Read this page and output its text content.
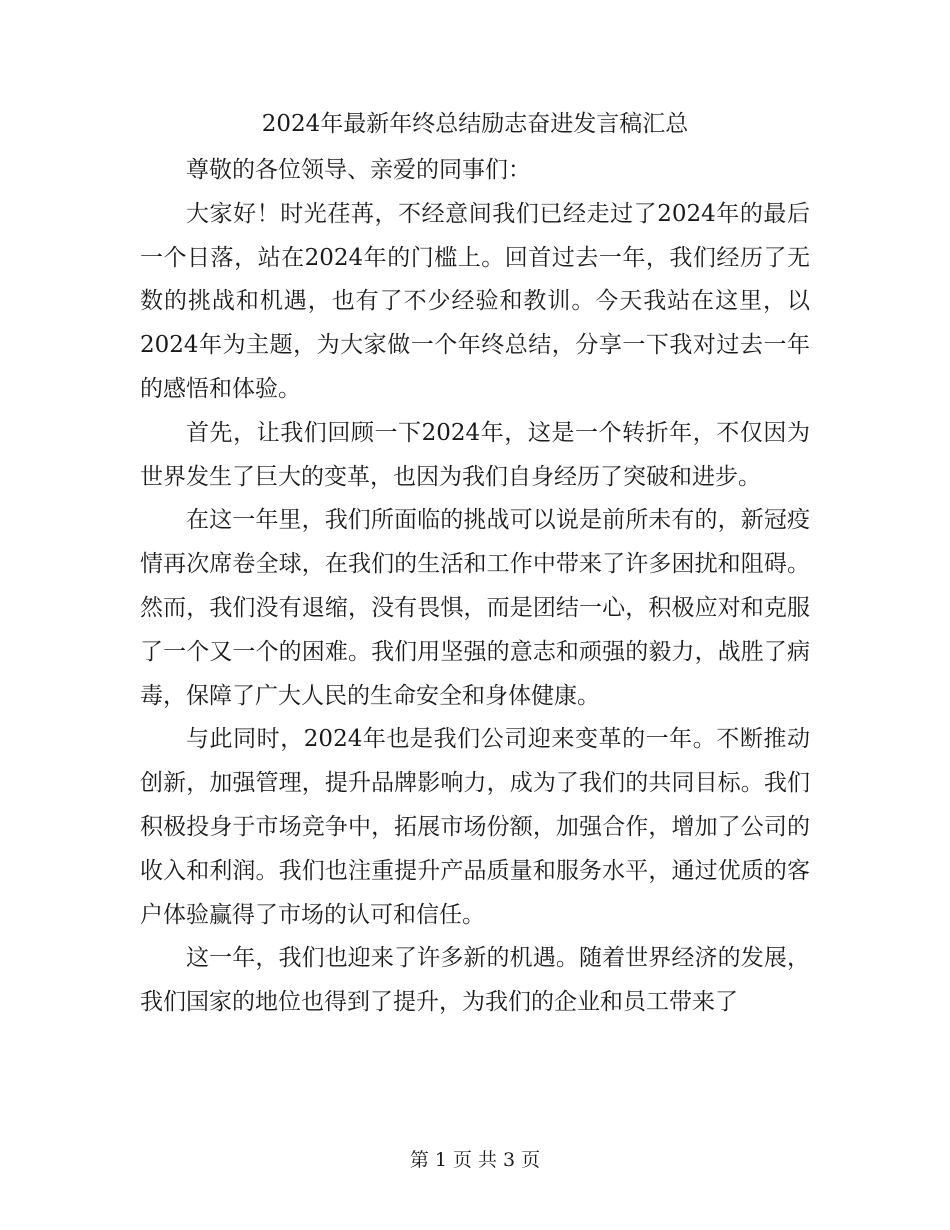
2024年最新年终总结励志奋进发言稿汇总

尊敬的各位领导、亲爱的同事们：

大家好！时光荏苒，不经意间我们已经走过了2024年的最后一个日落，站在2024年的门槛上。回首过去一年，我们经历了无数的挑战和机遇，也有了不少经验和教训。今天我站在这里，以2024年为主题，为大家做一个年终总结，分享一下我对过去一年的感悟和体验。

首先，让我们回顾一下2024年，这是一个转折年，不仅因为世界发生了巨大的变革，也因为我们自身经历了突破和进步。

在这一年里，我们所面临的挑战可以说是前所未有的，新冠疫情再次席卷全球，在我们的生活和工作中带来了许多困扰和阻碍。然而，我们没有退缩，没有畏惧，而是团结一心，积极应对和克服了一个又一个的困难。我们用坚强的意志和顽强的毅力，战胜了病毒，保障了广大人民的生命安全和身体健康。

与此同时，2024年也是我们公司迎来变革的一年。不断推动创新，加强管理，提升品牌影响力，成为了我们的共同目标。我们积极投身于市场竞争中，拓展市场份额，加强合作，增加了公司的收入和利润。我们也注重提升产品质量和服务水平，通过优质的客户体验赢得了市场的认可和信任。

这一年，我们也迎来了许多新的机遇。随着世界经济的发展，我们国家的地位也得到了提升，为我们的企业和员工带来了

第 1 页 共 3 页
